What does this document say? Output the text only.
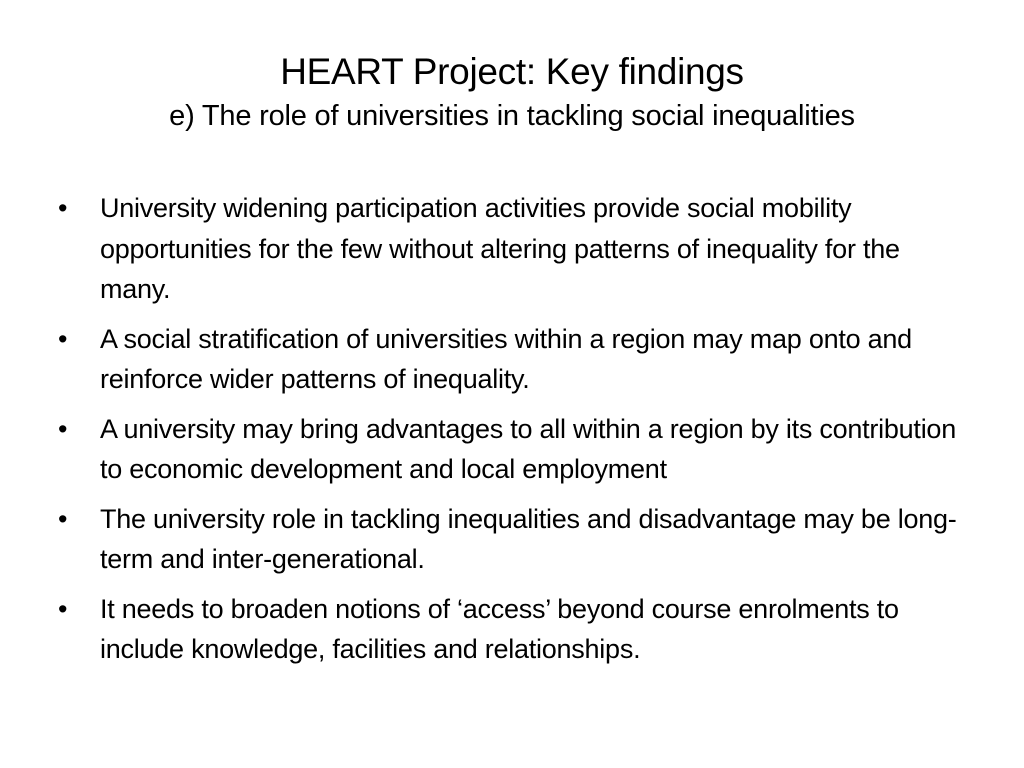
HEART Project: Key findings
e) The role of universities in tackling social inequalities
•	University widening participation activities provide social mobility opportunities for the few without altering patterns of inequality for the many.
•	A social stratification of universities within a region may map onto and reinforce wider patterns of inequality.
•	A university may bring advantages to all within a region by its contribution to economic development and local employment
•	The university role in tackling inequalities and disadvantage may be long-term and inter-generational.
•	It needs to broaden notions of ‘access’ beyond course enrolments to include knowledge, facilities and relationships.
